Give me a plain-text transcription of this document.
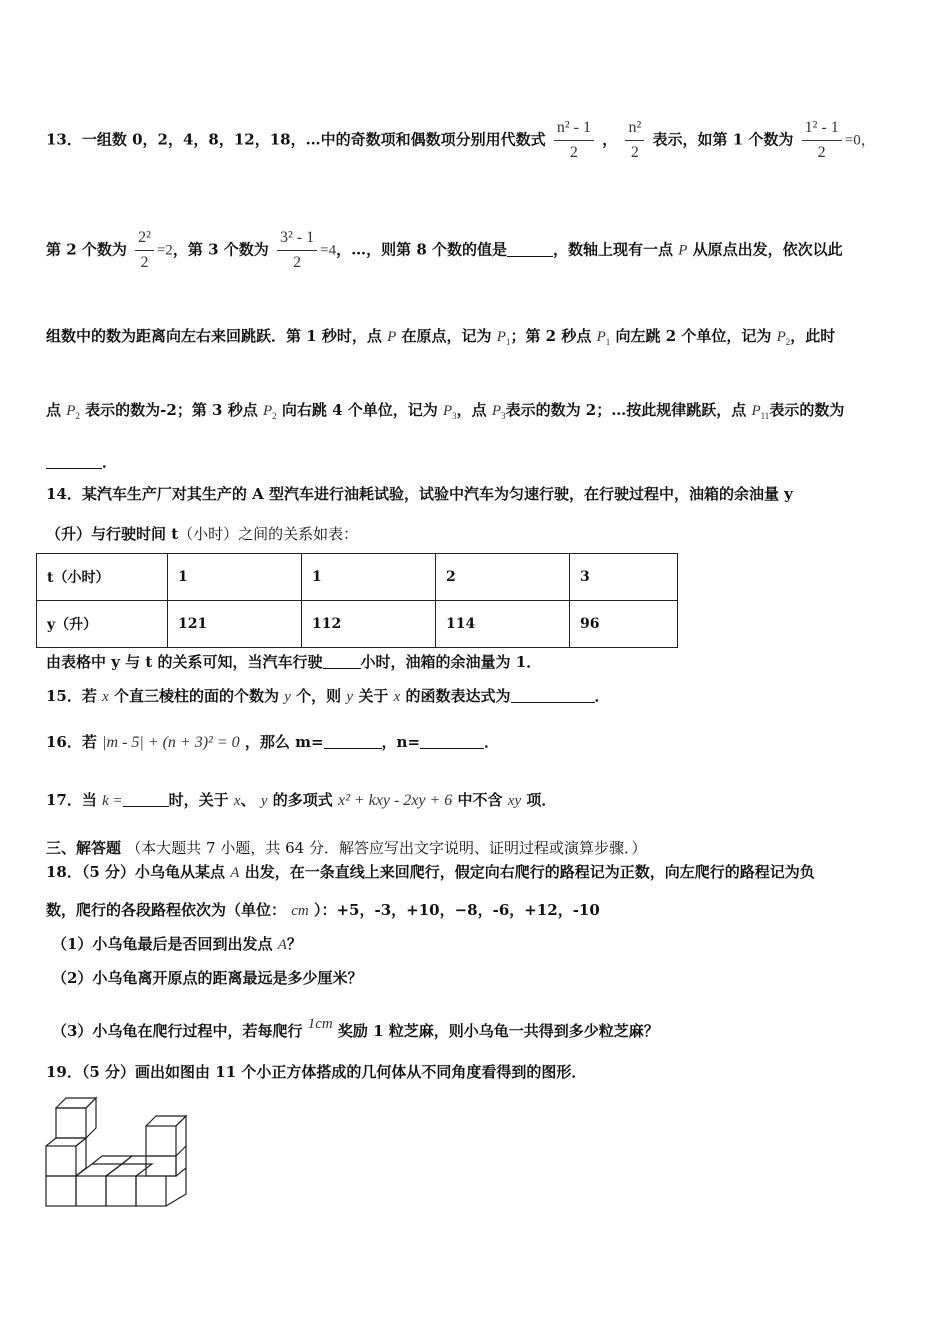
13．一组数 0，2，4，8，12，18，…中的奇数项和偶数项分别用代数式 $\frac{\text{n² - 1}}{2}$ ， $\frac{\text{n²}}{2}$ 表示，如第 1 个数为 $\frac{\text{1² - 1}}{2} =0$，
第 2 个数为 $\frac{\text{2²}}{2} =2$，第 3 个数为 $\frac{\text{3² - 1}}{2} =4$，…，则第 8 个数的值是	，数轴上现有一点 P 从原点出发，依次以此
组数中的数为距离向左右来回跳跃．第 1 秒时，点 P 在原点，记为 $P_1$；第 2 秒点 $P_1$ 向左跳 2 个单位，记为 $P_2$，此时
点 $P_2$ 表示的数为-2；第 3 秒点 $P_2$ 向右跳 4 个单位，记为 $P_3$，点 $P_3$表示的数为 2；…按此规律跳跃，点 $P_{11}$表示的数为
．
14．某汽车生产厂对其生产的 A 型汽车进行油耗试验，试验中汽车为匀速行驶，在行驶过程中，油箱的余油量 y
（升）与行驶时间 t（小时）之间的关系如表：
t（小时）	1	1	2	3
y（升）	121	112	114	96
由表格中 y 与 t 的关系可知，当汽车行驶	小时，油箱的余油量为 1．
15．若 x 个直三棱柱的面的个数为 y 个，则 y 关于 x 的函数表达式为	．
16．若 |m - 5| + (n + 3)² = 0 ，那么 m=	，n=	．
17．当 k =	时，关于 x、 y 的多项式 x² + kxy - 2xy + 6 中不含 xy 项．
三、解答题 （本大题共 7 小题，共 64 分．解答应写出文字说明、证明过程或演算步骤．）
18．（5 分）小乌龟从某点 A 出发，在一条直线上来回爬行，假定向右爬行的路程记为正数，向左爬行的路程记为负
数，爬行的各段路程依次为（单位： cm ）：+5，-3，+10，−8，-6，+12，-10
（1）小乌龟最后是否回到出发点 A？
（2）小乌龟离开原点的距离最远是多少厘米？
（3）小乌龟在爬行过程中，若每爬行 1cm 奖励 1 粒芝麻，则小乌龟一共得到多少粒芝麻？
19．（5 分）画出如图由 11 个小正方体搭成的几何体从不同角度看得到的图形．
